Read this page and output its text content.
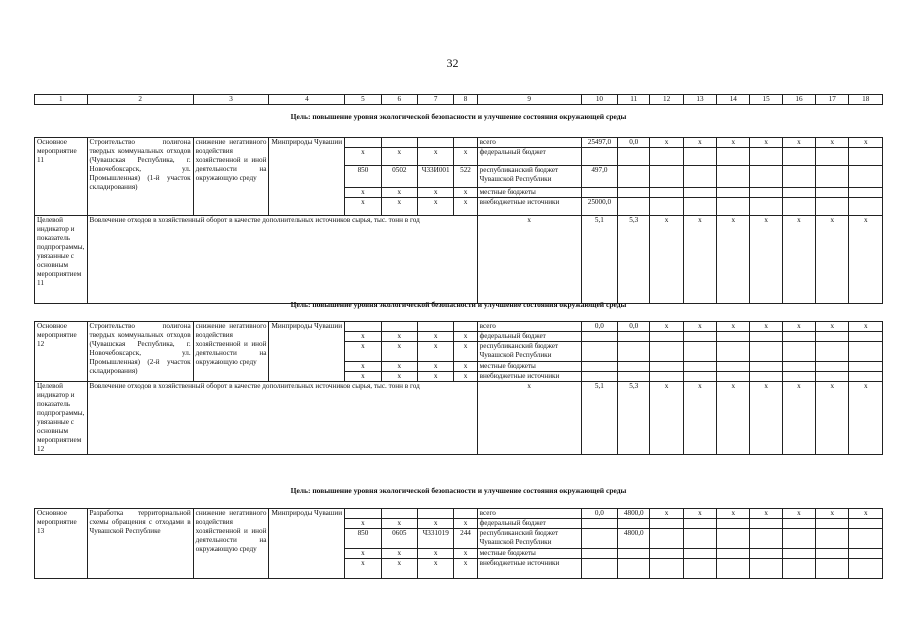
32
1	2	3	4	5	6	7	8	9	10	11	12	13	14	15	16	17	18
Цель: повышение уровня экологической безопасности и улучшение состояния окружающей среды
Основное мероприятие 11	Строительство полигона твердых коммунальных отходов (Чувашская Республика, г. Новочебоксарск, ул. Промышленная) (1-й участок складирования)	снижение негативного воздействия хозяйственной и иной деятельности на окружающую среду	Минприроды Чувашии					всего	25497,0	0,0	x	x	x	x	x	x	x
				x	x	x	x	федеральный бюджет									
				850	0502	Ч33И001	522	республиканский бюджет Чувашской Республики	497,0								
				x	x	x	x	местные бюджеты									
				x	x	x	x	внебюджетные источники	25000,0								
Целевой индикатор и показатель подпрограммы, увязанные с основным мероприятием 11	Вовлечение отходов в хозяйственный оборот в качестве дополнительных источников сырья, тыс. тонн в год							x	5,1	5,3	x	x	x	x	x	x	x
Цель: повышение уровня экологической безопасности и улучшение состояния окружающей среды
Основное мероприятие 12	Строительство полигона твердых коммунальных отходов (Чувашская Республика, г. Новочебоксарск, ул. Промышленная) (2-й участок складирования)	снижение негативного воздействия хозяйственной и иной деятельности на окружающую среду	Минприроды Чувашии					всего	0,0	0,0	x	x	x	x	x	x	x
				x	x	x	x	федеральный бюджет									
				x	x	x	x	республиканский бюджет Чувашской Республики									
				x	x	x	x	местные бюджеты									
				x	x	x	x	внебюджетные источники									
Целевой индикатор и показатель подпрограммы, увязанные с основным мероприятием 12	Вовлечение отходов в хозяйственный оборот в качестве дополнительных источников сырья, тыс. тонн в год							x	5,1	5,3	x	x	x	x	x	x	x
Цель: повышение уровня экологической безопасности и улучшение состояния окружающей среды
Основное мероприятие 13	Разработка территориальной схемы обращения с отходами в Чувашской Республике	снижение негативного воздействия хозяйственной и иной деятельности на окружающую среду	Минприроды Чувашии					всего	0,0	4800,0	x	x	x	x	x	x	x
				x	x	x	x	федеральный бюджет									
				850	0605	Ч331019	244	республиканский бюджет Чувашской Республики		4800,0							
				x	x	x	x	местные бюджеты									
				x	x	x	x	внебюджетные источники									
